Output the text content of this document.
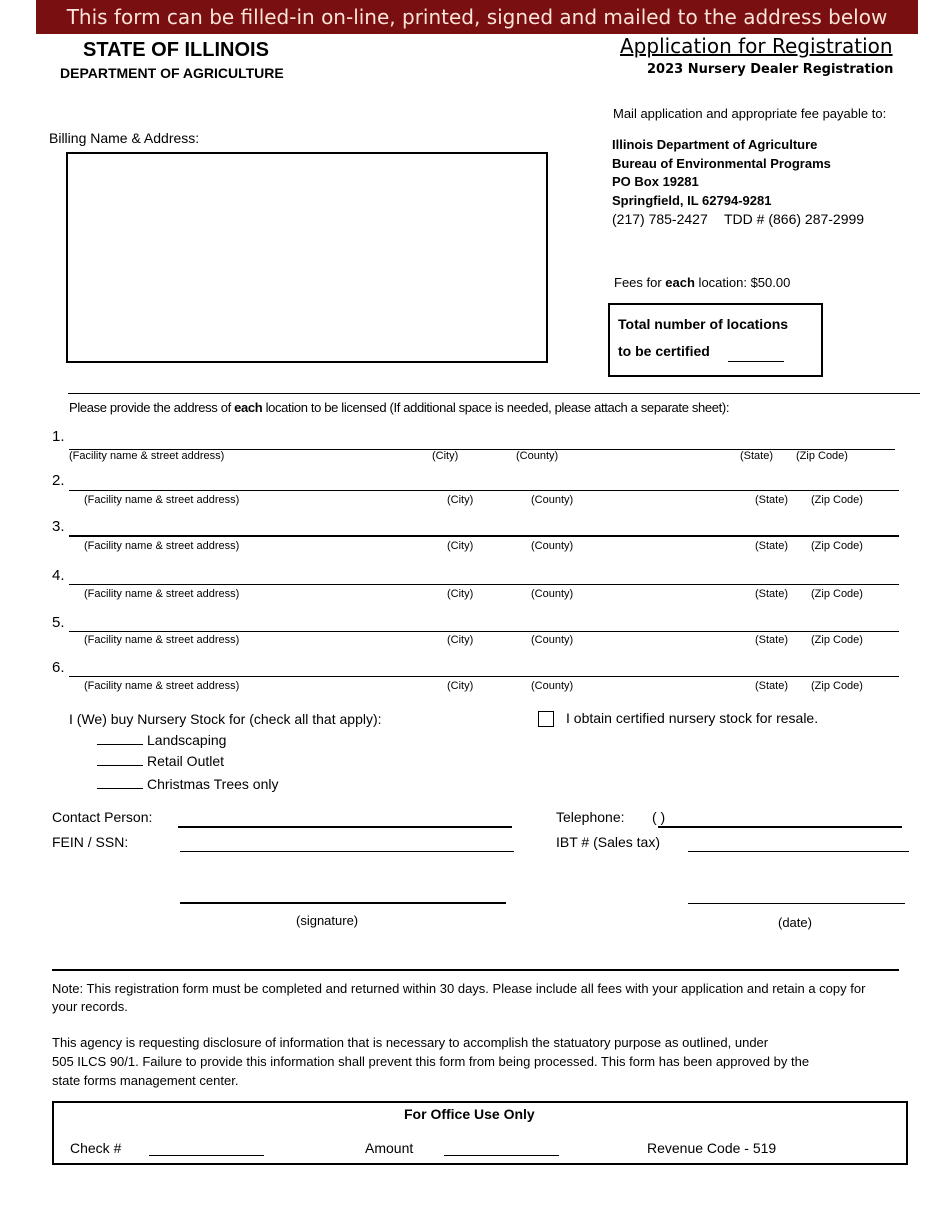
This form can be filled-in on-line, printed, signed and mailed to the address below
STATE OF ILLINOIS
DEPARTMENT OF AGRICULTURE
Application for Registration
2023 Nursery Dealer Registration
Mail application and appropriate fee payable to:
Illinois Department of Agriculture
Bureau of Environmental Programs
PO Box 19281
Springfield, IL 62794-9281
(217) 785-2427 TDD # (866) 287-2999
Billing Name & Address:
Fees for each location: $50.00
Total number of locations
to be certified
Please provide the address of each location to be licensed (If additional space is needed, please attach a separate sheet):
1.
(Facility name & street address)	(City)	(County)	(State) (Zip Code)
2.
(Facility name & street address)	(City)	(County)	(State) (Zip Code)
3.
(Facility name & street address)	(City)	(County)	(State) (Zip Code)
4.
(Facility name & street address)	(City)	(County)	(State) (Zip Code)
5.
(Facility name & street address)	(City)	(County)	(State) (Zip Code)
6.
(Facility name & street address)	(City)	(County)	(State) (Zip Code)
I (We) buy Nursery Stock for (check all that apply):
Landscaping
Retail Outlet
Christmas Trees only
I obtain certified nursery stock for resale.
Contact Person:
FEIN / SSN:
Telephone: ( )
IBT # (Sales tax)
(signature)	(date)
Note: This registration form must be completed and returned within 30 days. Please include all fees with your application and retain a copy for your records.
This agency is requesting disclosure of information that is necessary to accomplish the statuatory purpose as outlined, under
505 ILCS 90/1. Failure to provide this information shall prevent this form from being processed. This form has been approved by the
state forms management center.
For Office Use Only
Check #	Amount	Revenue Code - 519
